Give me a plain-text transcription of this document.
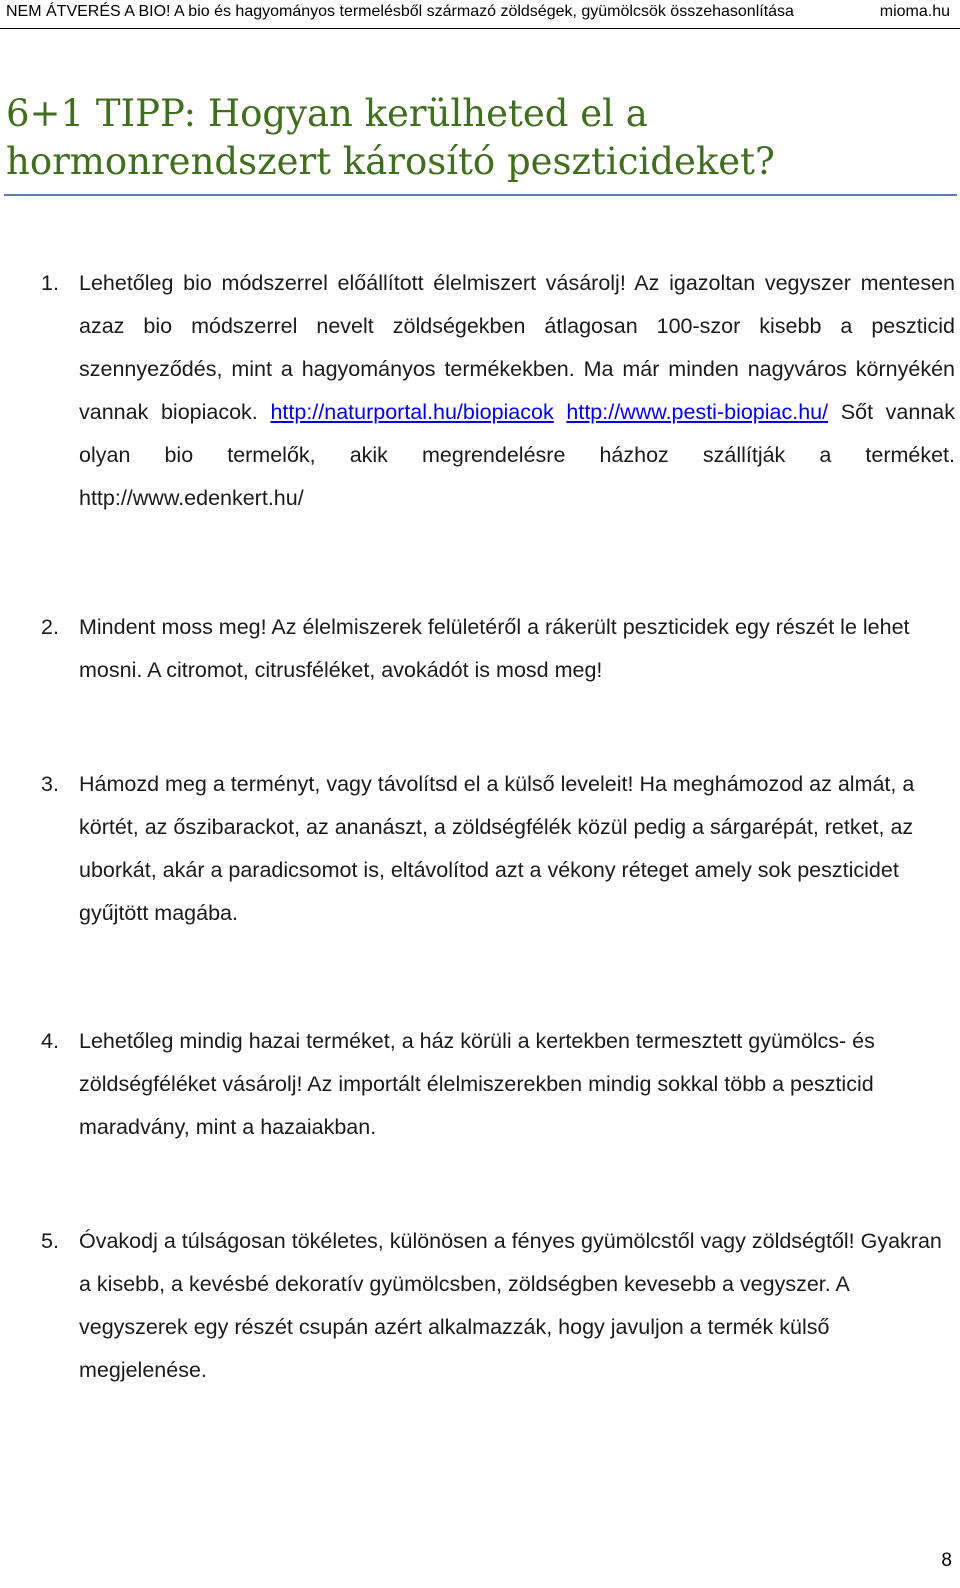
NEM ÁTVERÉS A BIO! A bio és hagyományos termelésből származó zöldségek, gyümölcsök összehasonlítása	mioma.hu
6+1 TIPP: Hogyan kerülheted el a hormonrendszert károsító peszticideket?
1. Lehetőleg bio módszerrel előállított élelmiszert vásárolj! Az igazoltan vegyszer mentesen azaz bio módszerrel nevelt zöldségekben átlagosan 100-szor kisebb a peszticid szennyeződés, mint a hagyományos termékekben. Ma már minden nagyváros környékén vannak biopiacok. http://naturportal.hu/biopiacok http://www.pesti-biopiac.hu/ Sőt vannak olyan bio termelők, akik megrendelésre házhoz szállítják a terméket. http://www.edenkert.hu/
2. Mindent moss meg! Az élelmiszerek felületéről a rákerült peszticidek egy részét le lehet mosni. A citromot, citrusféléket, avokádót is mosd meg!
3. Hámozd meg a terményt, vagy távolítsd el a külső leveleit! Ha meghámozod az almát, a körtét, az őszibarackot, az ananászt, a zöldségfélék közül pedig a sárgarépát, retket, az uborkát, akár a paradicsomot is, eltávolítod azt a vékony réteget amely sok peszticidet gyűjtött magába.
4. Lehetőleg mindig hazai terméket, a ház körüli a kertekben termesztett gyümölcs- és zöldségféléket vásárolj! Az importált élelmiszerekben mindig sokkal több a peszticid maradvány, mint a hazaiakban.
5. Óvakodj a túlságosan tökéletes, különösen a fényes gyümölcstől vagy zöldségtől! Gyakran a kisebb, a kevésbé dekoratív gyümölcsben, zöldségben kevesebb a vegyszer. A vegyszerek egy részét csupán azért alkalmazzák, hogy javuljon a termék külső megjelenése.
8
